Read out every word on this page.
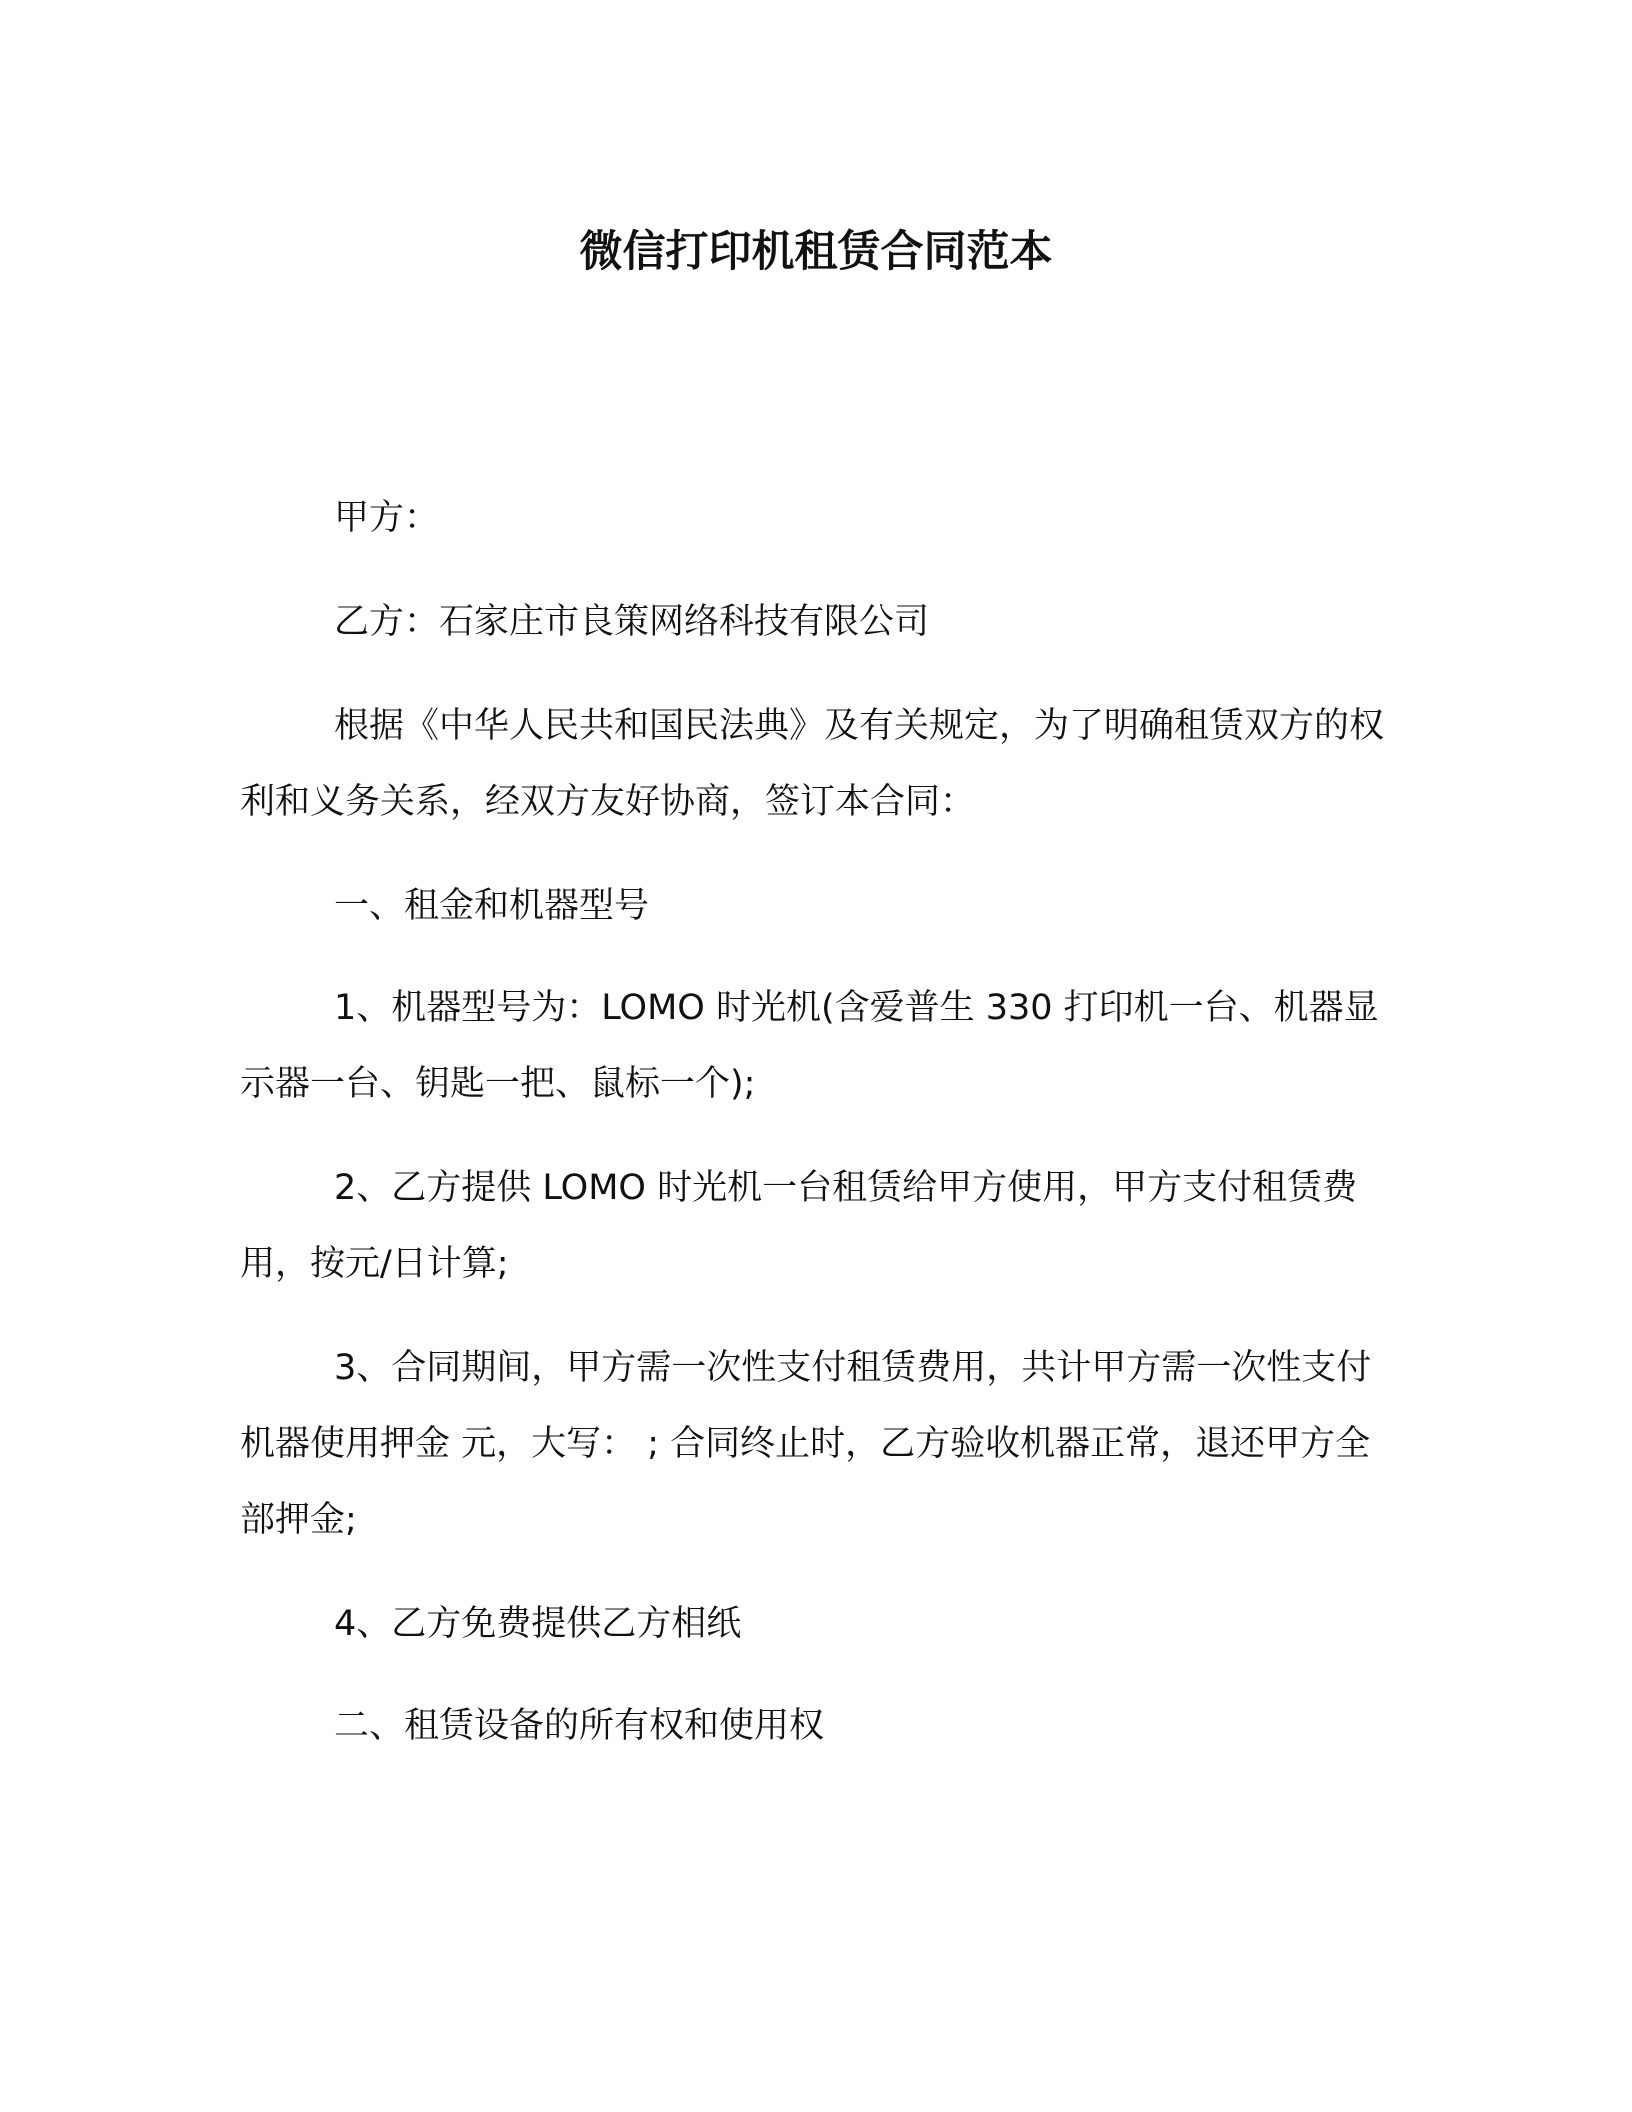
微信打印机租赁合同范本
甲方：
乙方：石家庄市良策网络科技有限公司
根据《中华人民共和国民法典》及有关规定，为了明确租赁双方的权利和义务关系，经双方友好协商，签订本合同：
一、租金和机器型号
1、机器型号为：LOMO 时光机(含爱普生 330 打印机一台、机器显示器一台、钥匙一把、鼠标一个);
2、乙方提供 LOMO 时光机一台租赁给甲方使用，甲方支付租赁费用，按元/日计算;
3、合同期间，甲方需一次性支付租赁费用，共计甲方需一次性支付机器使用押金 元，大写： ; 合同终止时，乙方验收机器正常，退还甲方全部押金;
4、乙方免费提供乙方相纸
二、租赁设备的所有权和使用权
